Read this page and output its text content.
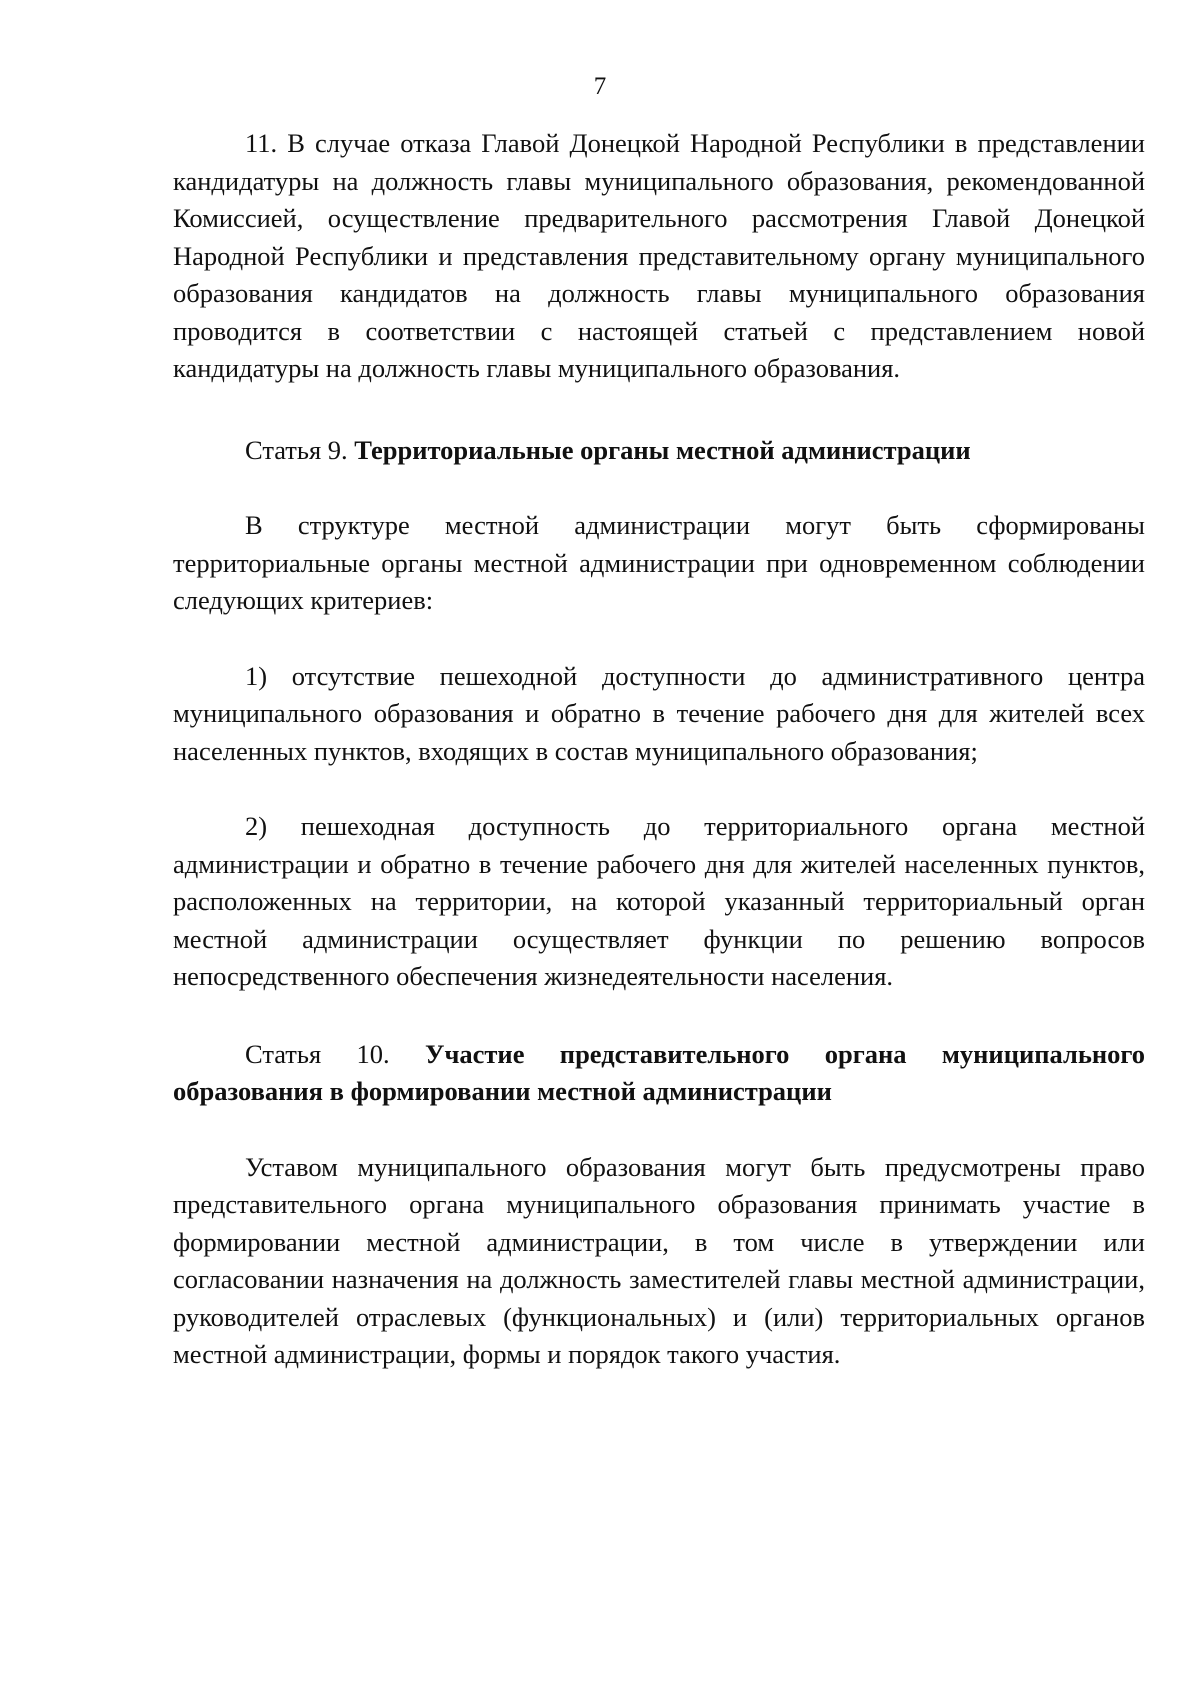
7

11. В случае отказа Главой Донецкой Народной Республики в представлении кандидатуры на должность главы муниципального образования, рекомендованной Комиссией, осуществление предварительного рассмотрения Главой Донецкой Народной Республики и представления представительному органу муниципального образования кандидатов на должность главы муниципального образования проводится в соответствии с настоящей статьей с представлением новой кандидатуры на должность главы муниципального образования.

Статья 9. Территориальные органы местной администрации

В структуре местной администрации могут быть сформированы территориальные органы местной администрации при одновременном соблюдении следующих критериев:

1) отсутствие пешеходной доступности до административного центра муниципального образования и обратно в течение рабочего дня для жителей всех населенных пунктов, входящих в состав муниципального образования;

2) пешеходная доступность до территориального органа местной администрации и обратно в течение рабочего дня для жителей населенных пунктов, расположенных на территории, на которой указанный территориальный орган местной администрации осуществляет функции по решению вопросов непосредственного обеспечения жизнедеятельности населения.

Статья 10. Участие представительного органа муниципального образования в формировании местной администрации

Уставом муниципального образования могут быть предусмотрены право представительного органа муниципального образования принимать участие в формировании местной администрации, в том числе в утверждении или согласовании назначения на должность заместителей главы местной администрации, руководителей отраслевых (функциональных) и (или) территориальных органов местной администрации, формы и порядок такого участия.
